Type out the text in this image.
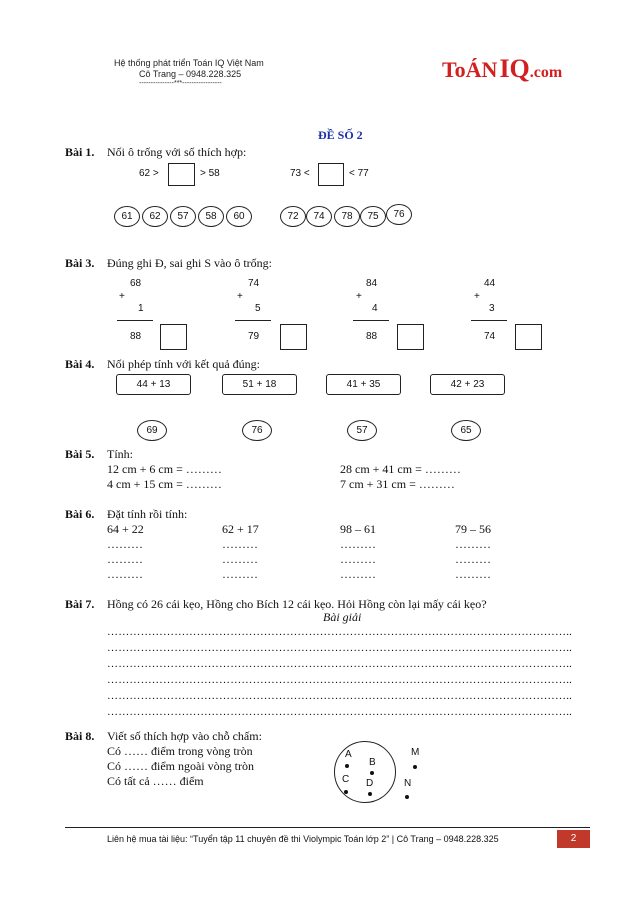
Hệ thống phát triển Toán IQ Việt Nam
Cô Trang – 0948.228.325
---------------***-----------------
ToÁNIQ.com
ĐỀ SỐ 2
Bài 1. Nối ô trống với số thích hợp:
62 >	> 58	73 <	< 77
61	62	57	58	60	72	74	78	75	76
Bài 3. Đúng ghi Đ, sai ghi S vào ô trống:
68
+
1
88
74
+
5
79
84
+
4
88
44
+
3
74
Bài 4. Nối phép tính với kết quả đúng:
44 + 13	51 + 18	41 + 35	42 + 23
69	76	57	65
Bài 5. Tính:
12 cm + 6 cm = ………	28 cm + 41 cm = ………
4 cm + 15 cm = ………	7 cm + 31 cm = ………
Bài 6. Đặt tính rồi tính:
64 + 22	62 + 17	98 – 61	79 – 56
………	………	………	………
………	………	………	………
………	………	………	………
Bài 7. Hồng có 26 cái kẹo, Hồng cho Bích 12 cái kẹo. Hỏi Hồng còn lại mấy cái kẹo?
Bài giải
……………………………………………………………………………………………………………..
……………………………………………………………………………………………………………..
……………………………………………………………………………………………………………..
……………………………………………………………………………………………………………..
……………………………………………………………………………………………………………..
……………………………………………………………………………………………………………..
Bài 8. Viết số thích hợp vào chỗ chấm:
Có …… điểm trong vòng tròn
Có …… điểm ngoài vòng tròn
Có tất cả …… điểm
A
B
C D
M
N
Liên hệ mua tài liệu: “Tuyển tập 11 chuyên đề thi Violympic Toán lớp 2” | Cô Trang – 0948.228.325	2
